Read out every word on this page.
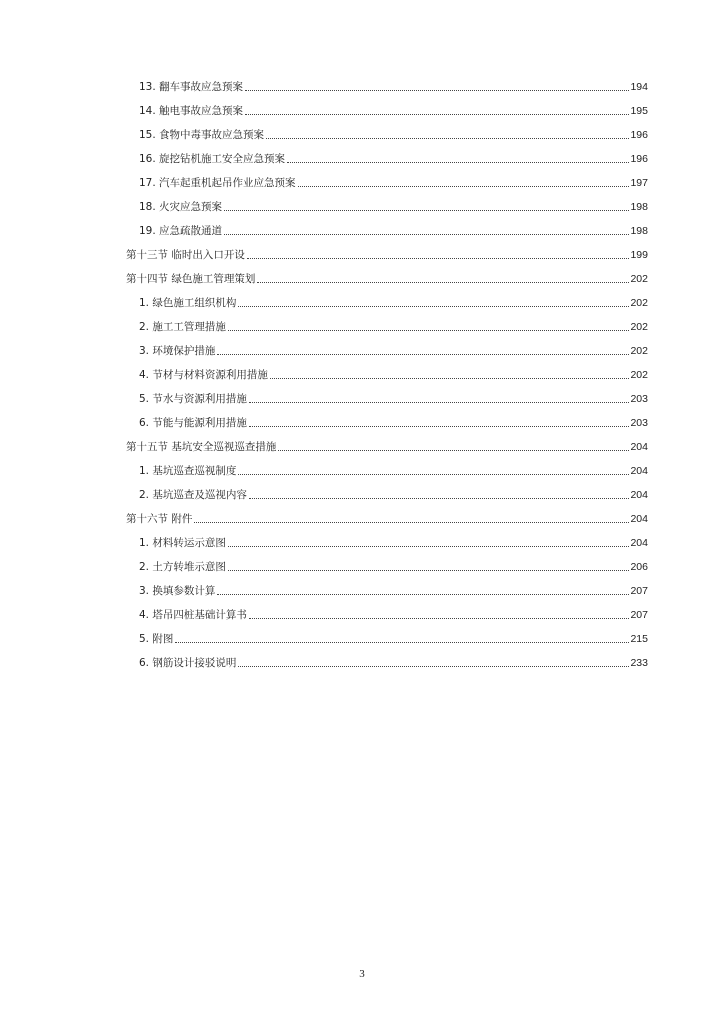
13. 翻车事故应急预案	194
14. 触电事故应急预案	195
15. 食物中毒事故应急预案	196
16. 旋挖钻机施工安全应急预案	196
17. 汽车起重机起吊作业应急预案	197
18. 火灾应急预案	198
19. 应急疏散通道	198
第十三节 临时出入口开设	199
第十四节 绿色施工管理策划	202
1. 绿色施工组织机构	202
2. 施工工管理措施	202
3. 环境保护措施	202
4. 节材与材料资源利用措施	202
5. 节水与资源利用措施	203
6. 节能与能源利用措施	203
第十五节 基坑安全巡视巡查措施	204
1. 基坑巡查巡视制度	204
2. 基坑巡查及巡视内容	204
第十六节 附件	204
1. 材料转运示意图	204
2. 土方转堆示意图	206
3. 换填参数计算	207
4. 塔吊四桩基础计算书	207
5. 附图	215
6. 钢筋设计接驳说明	233
3
